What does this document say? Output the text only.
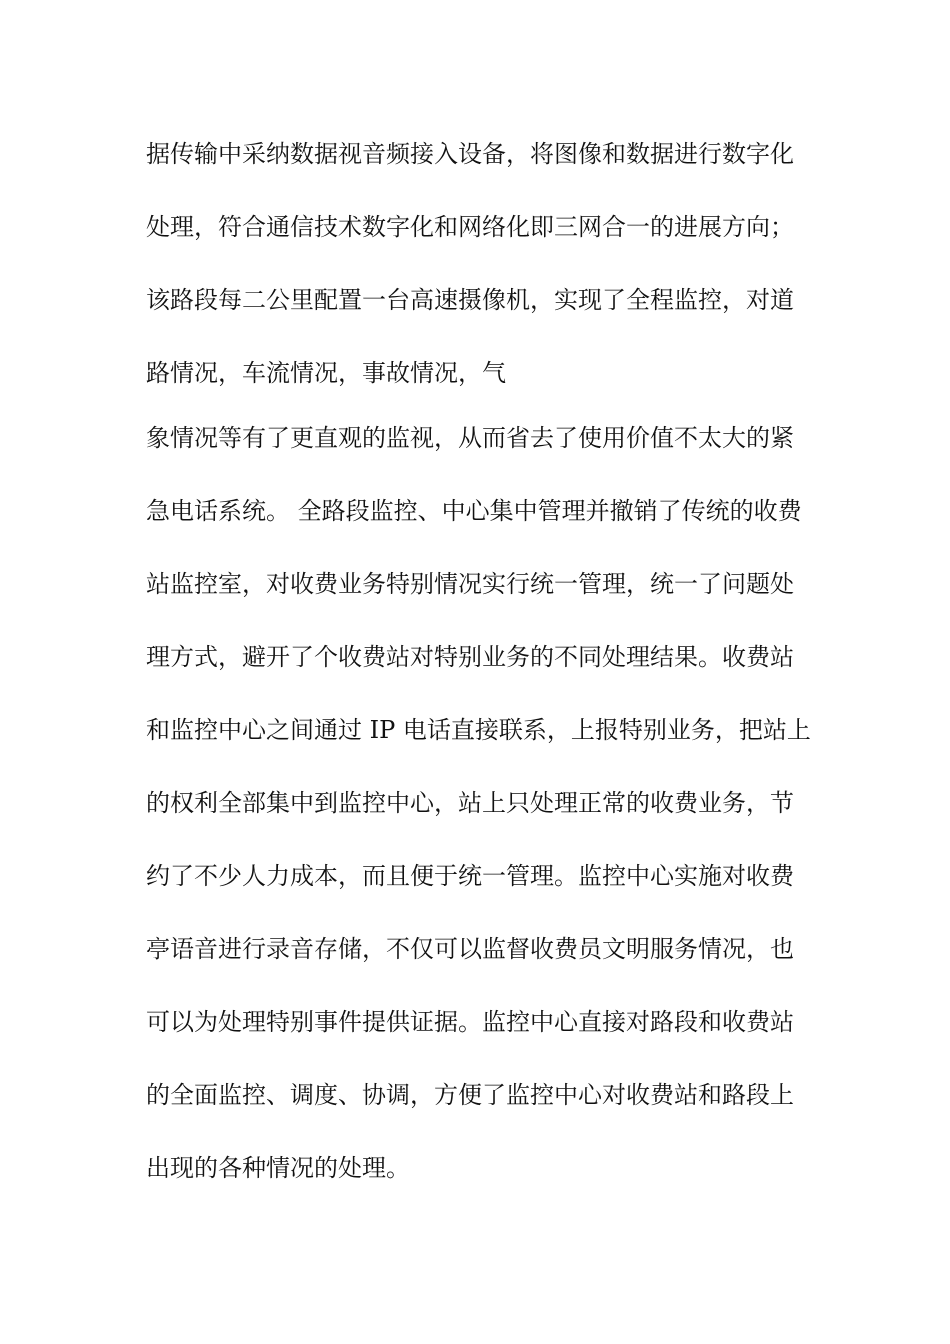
据传输中采纳数据视音频接入设备，将图像和数据进行数字化
处理，符合通信技术数字化和网络化即三网合一的进展方向；
该路段每二公里配置一台高速摄像机，实现了全程监控，对道
路情况，车流情况，事故情况，气
象情况等有了更直观的监视，从而省去了使用价值不太大的紧
急电话系统。 全路段监控、中心集中管理并撤销了传统的收费
站监控室，对收费业务特别情况实行统一管理，统一了问题处
理方式，避开了个收费站对特别业务的不同处理结果。收费站
和监控中心之间通过 IP 电话直接联系，上报特别业务，把站上
的权利全部集中到监控中心，站上只处理正常的收费业务，节
约了不少人力成本，而且便于统一管理。监控中心实施对收费
亭语音进行录音存储，不仅可以监督收费员文明服务情况，也
可以为处理特别事件提供证据。监控中心直接对路段和收费站
的全面监控、调度、协调，方便了监控中心对收费站和路段上
出现的各种情况的处理。
